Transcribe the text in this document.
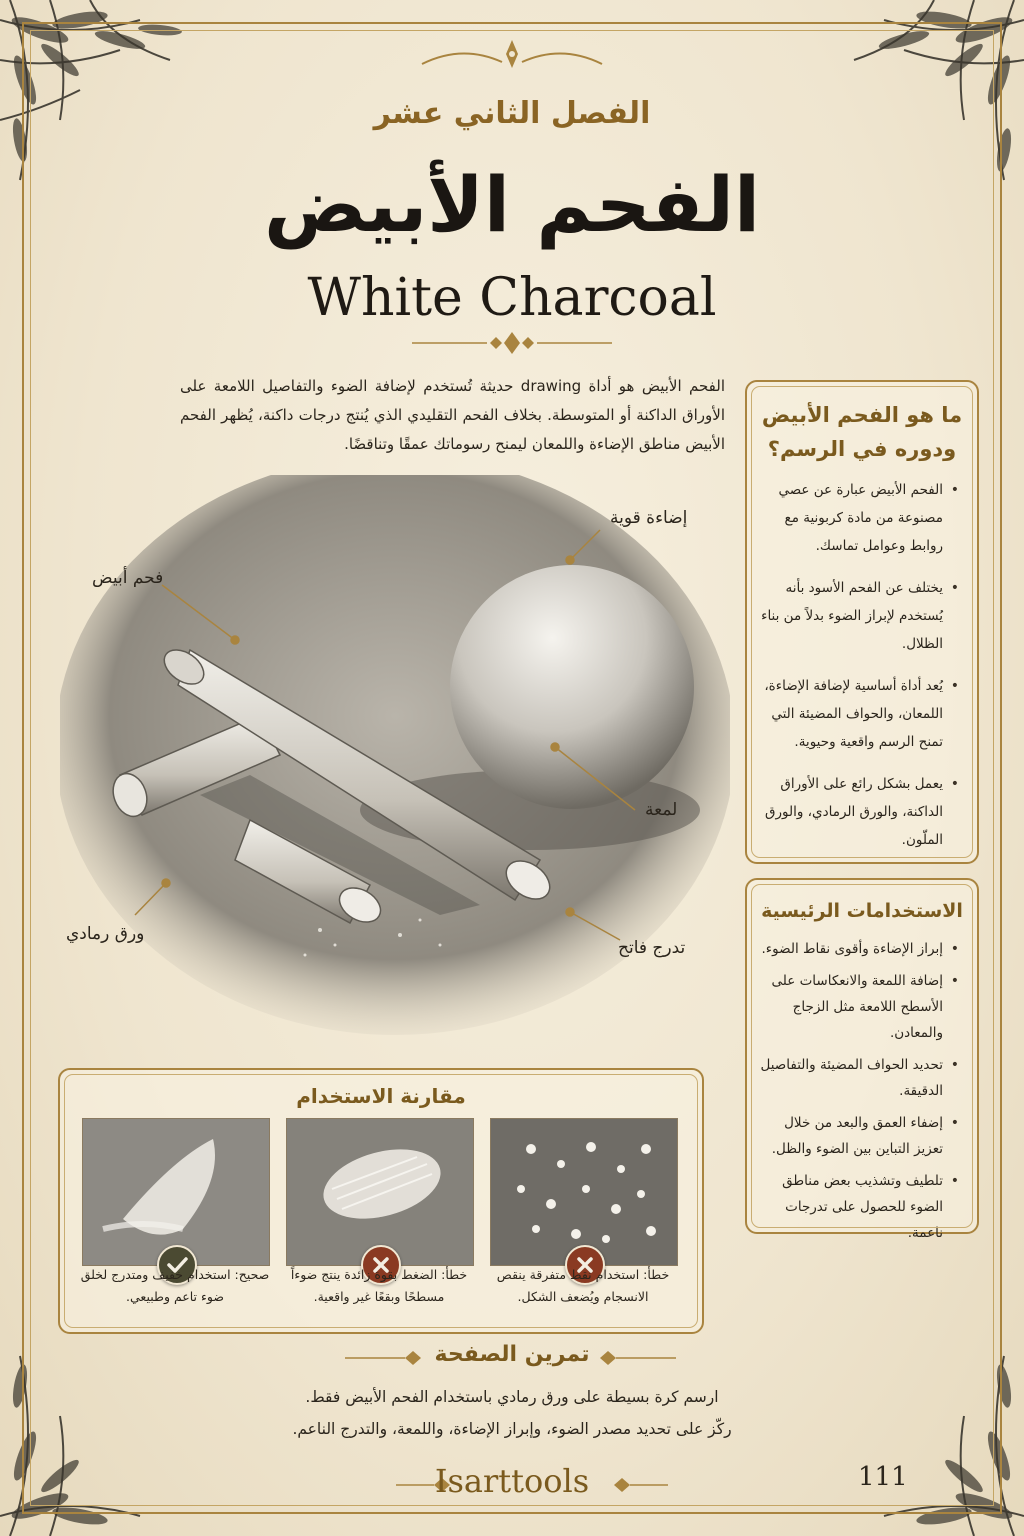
الفصل الثاني عشر
الفحم الأبيض
White Charcoal
الفحم الأبيض هو أداة drawing حديثة تُستخدم لإضافة الضوء والتفاصيل اللامعة على الأوراق الداكنة أو المتوسطة. بخلاف الفحم التقليدي الذي يُنتج درجات داكنة، يُظهر الفحم الأبيض مناطق الإضاءة واللمعان ليمنح رسوماتك عمقًا وتناقضًا.
إضاءة قوية
فحم أبيض
لمعة
ورق رمادي
تدرج فاتح
ما هو الفحم الأبيض ودوره في الرسم؟
• الفحم الأبيض عبارة عن عصي مصنوعة من مادة كربونية مع روابط وعوامل تماسك.
• يختلف عن الفحم الأسود بأنه يُستخدم لإبراز الضوء بدلاً من بناء الظلال.
• يُعد أداة أساسية لإضافة الإضاءة، اللمعان، والحواف المضيئة التي تمنح الرسم واقعية وحيوية.
• يعمل بشكل رائع على الأوراق الداكنة، والورق الرمادي، والورق الملّون.
الاستخدامات الرئيسية
• إبراز الإضاءة وأقوى نقاط الضوء.
• إضافة اللمعة والانعكاسات على الأسطح اللامعة مثل الزجاج والمعادن.
• تحديد الحواف المضيئة والتفاصيل الدقيقة.
• إضفاء العمق والبعد من خلال تعزيز التباين بين الضوء والظل.
• تلطيف وتشذيب بعض مناطق الضوء للحصول على تدرجات ناعمة.
مقارنة الاستخدام
صحيح: استخدام خفيف ومتدرج لخلق ضوء تاعم وطبيعي.
خطأ: الضغط بقوة زائدة ينتج ضوءاً مسطحًا وبقعًا غير واقعية.
خطأ: استخدام نقط متفرقة ينقص الانسجام ويُضعف الشكل.
تمرين الصفحة
ارسم كرة بسيطة على ورق رمادي باستخدام الفحم الأبيض فقط.
ركّز على تحديد مصدر الضوء، وإبراز الإضاءة، واللمعة، والتدرج الناعم.
Isarttools	111
